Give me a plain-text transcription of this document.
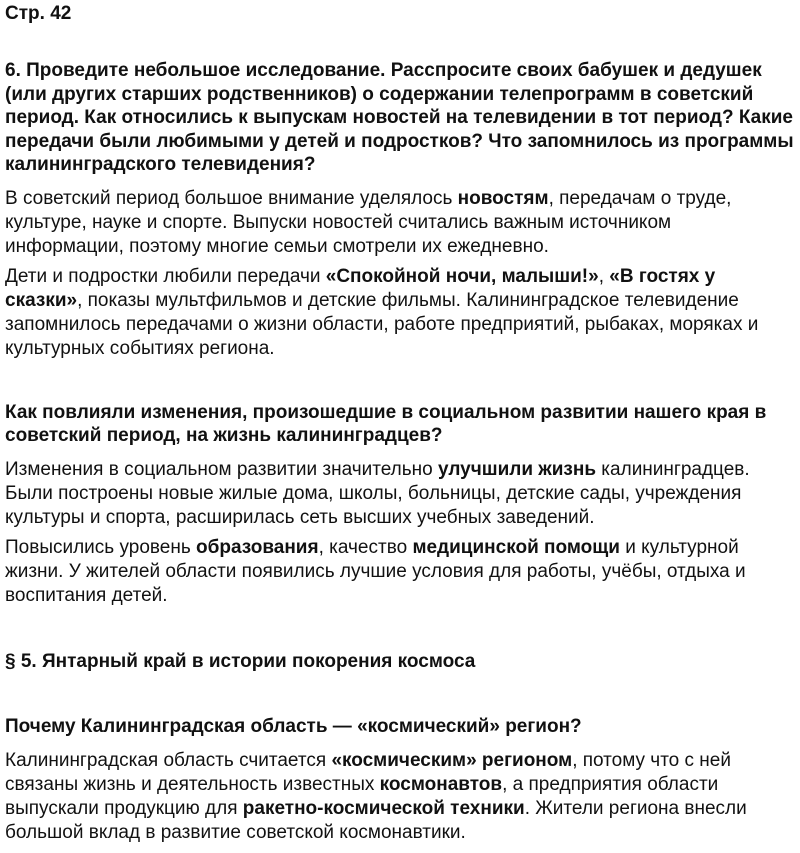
Стр. 42
6. Проведите небольшое исследование. Расспросите своих бабушек и дедушек (или других старших родственников) о содержании телепрограмм в советский период. Как относились к выпускам новостей на телевидении в тот период? Какие передачи были любимыми у детей и подростков? Что запомнилось из программы калининградского телевидения?
В советский период большое внимание уделялось новостям, передачам о труде, культуре, науке и спорте. Выпуски новостей считались важным источником информации, поэтому многие семьи смотрели их ежедневно.
Дети и подростки любили передачи «Спокойной ночи, малыши!», «В гостях у сказки», показы мультфильмов и детские фильмы. Калининградское телевидение запомнилось передачами о жизни области, работе предприятий, рыбаках, моряках и культурных событиях региона.
Как повлияли изменения, произошедшие в социальном развитии нашего края в советский период, на жизнь калининградцев?
Изменения в социальном развитии значительно улучшили жизнь калининградцев. Были построены новые жилые дома, школы, больницы, детские сады, учреждения культуры и спорта, расширилась сеть высших учебных заведений.
Повысились уровень образования, качество медицинской помощи и культурной жизни. У жителей области появились лучшие условия для работы, учёбы, отдыха и воспитания детей.
§ 5. Янтарный край в истории покорения космоса
Почему Калининградская область — «космический» регион?
Калининградская область считается «космическим» регионом, потому что с ней связаны жизнь и деятельность известных космонавтов, а предприятия области выпускали продукцию для ракетно-космической техники. Жители региона внесли большой вклад в развитие советской космонавтики.
